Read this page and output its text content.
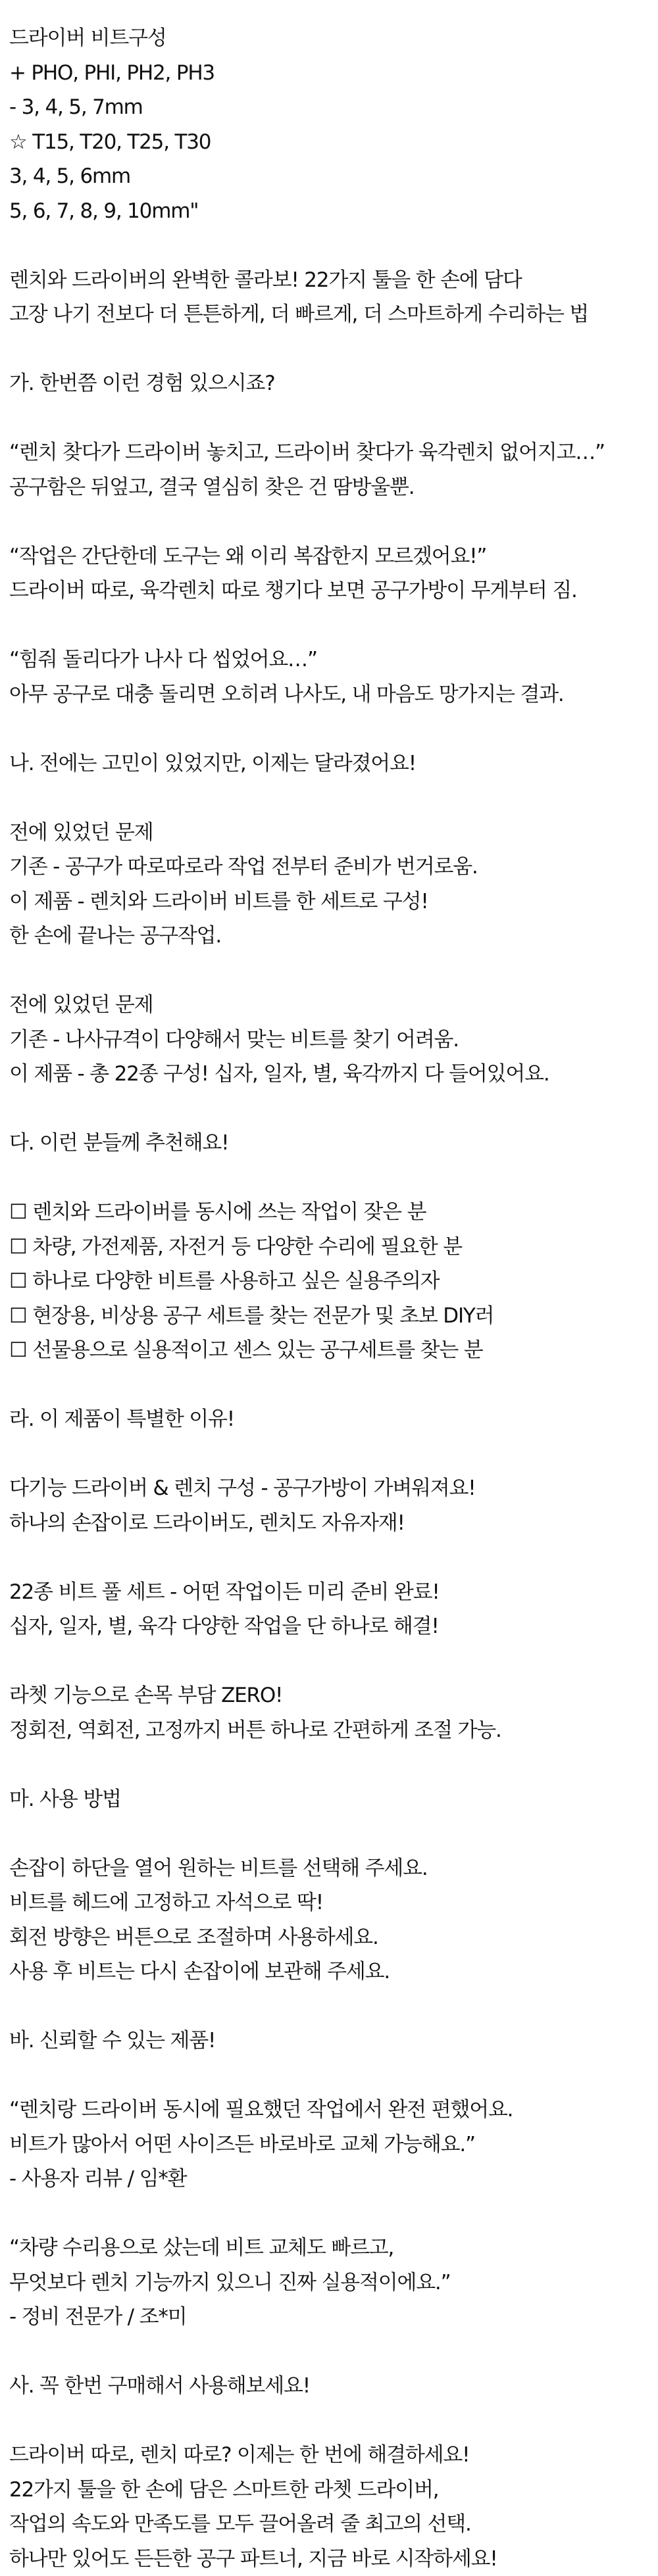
드라이버 비트구성
+ PHO, PHI, PH2, PH3
- 3, 4, 5, 7mm
☆ T15, T20, T25, T30
3, 4, 5, 6mm
5, 6, 7, 8, 9, 10mm"
렌치와 드라이버의 완벽한 콜라보! 22가지 툴을 한 손에 담다
고장 나기 전보다 더 튼튼하게, 더 빠르게, 더 스마트하게 수리하는 법
가. 한번쯤 이런 경험 있으시죠?
“렌치 찾다가 드라이버 놓치고, 드라이버 찾다가 육각렌치 없어지고…”
공구함은 뒤엎고, 결국 열심히 찾은 건 땀방울뿐.
“작업은 간단한데 도구는 왜 이리 복잡한지 모르겠어요!”
드라이버 따로, 육각렌치 따로 챙기다 보면 공구가방이 무게부터 짐.
“힘줘 돌리다가 나사 다 씹었어요…”
아무 공구로 대충 돌리면 오히려 나사도, 내 마음도 망가지는 결과.
나. 전에는 고민이 있었지만, 이제는 달라졌어요!
전에 있었던 문제
기존 - 공구가 따로따로라 작업 전부터 준비가 번거로움.
이 제품 - 렌치와 드라이버 비트를 한 세트로 구성!
한 손에 끝나는 공구작업.
전에 있었던 문제
기존 - 나사규격이 다양해서 맞는 비트를 찾기 어려움.
이 제품 - 총 22종 구성! 십자, 일자, 별, 육각까지 다 들어있어요.
다. 이런 분들께 추천해요!
☐ 렌치와 드라이버를 동시에 쓰는 작업이 잦은 분
☐ 차량, 가전제품, 자전거 등 다양한 수리에 필요한 분
☐ 하나로 다양한 비트를 사용하고 싶은 실용주의자
☐ 현장용, 비상용 공구 세트를 찾는 전문가 및 초보 DIY러
☐ 선물용으로 실용적이고 센스 있는 공구세트를 찾는 분
라. 이 제품이 특별한 이유!
다기능 드라이버 & 렌치 구성 - 공구가방이 가벼워져요!
하나의 손잡이로 드라이버도, 렌치도 자유자재!
22종 비트 풀 세트 - 어떤 작업이든 미리 준비 완료!
십자, 일자, 별, 육각 다양한 작업을 단 하나로 해결!
라쳇 기능으로 손목 부담 ZERO!
정회전, 역회전, 고정까지 버튼 하나로 간편하게 조절 가능.
마. 사용 방법
손잡이 하단을 열어 원하는 비트를 선택해 주세요.
비트를 헤드에 고정하고 자석으로 딱!
회전 방향은 버튼으로 조절하며 사용하세요.
사용 후 비트는 다시 손잡이에 보관해 주세요.
바. 신뢰할 수 있는 제품!
“렌치랑 드라이버 동시에 필요했던 작업에서 완전 편했어요.
비트가 많아서 어떤 사이즈든 바로바로 교체 가능해요.”
- 사용자 리뷰 / 임*환
“차량 수리용으로 샀는데 비트 교체도 빠르고,
무엇보다 렌치 기능까지 있으니 진짜 실용적이에요.”
- 정비 전문가 / 조*미
사. 꼭 한번 구매해서 사용해보세요!
드라이버 따로, 렌치 따로? 이제는 한 번에 해결하세요!
22가지 툴을 한 손에 담은 스마트한 라쳇 드라이버,
작업의 속도와 만족도를 모두 끌어올려 줄 최고의 선택.
하나만 있어도 든든한 공구 파트너, 지금 바로 시작하세요!
